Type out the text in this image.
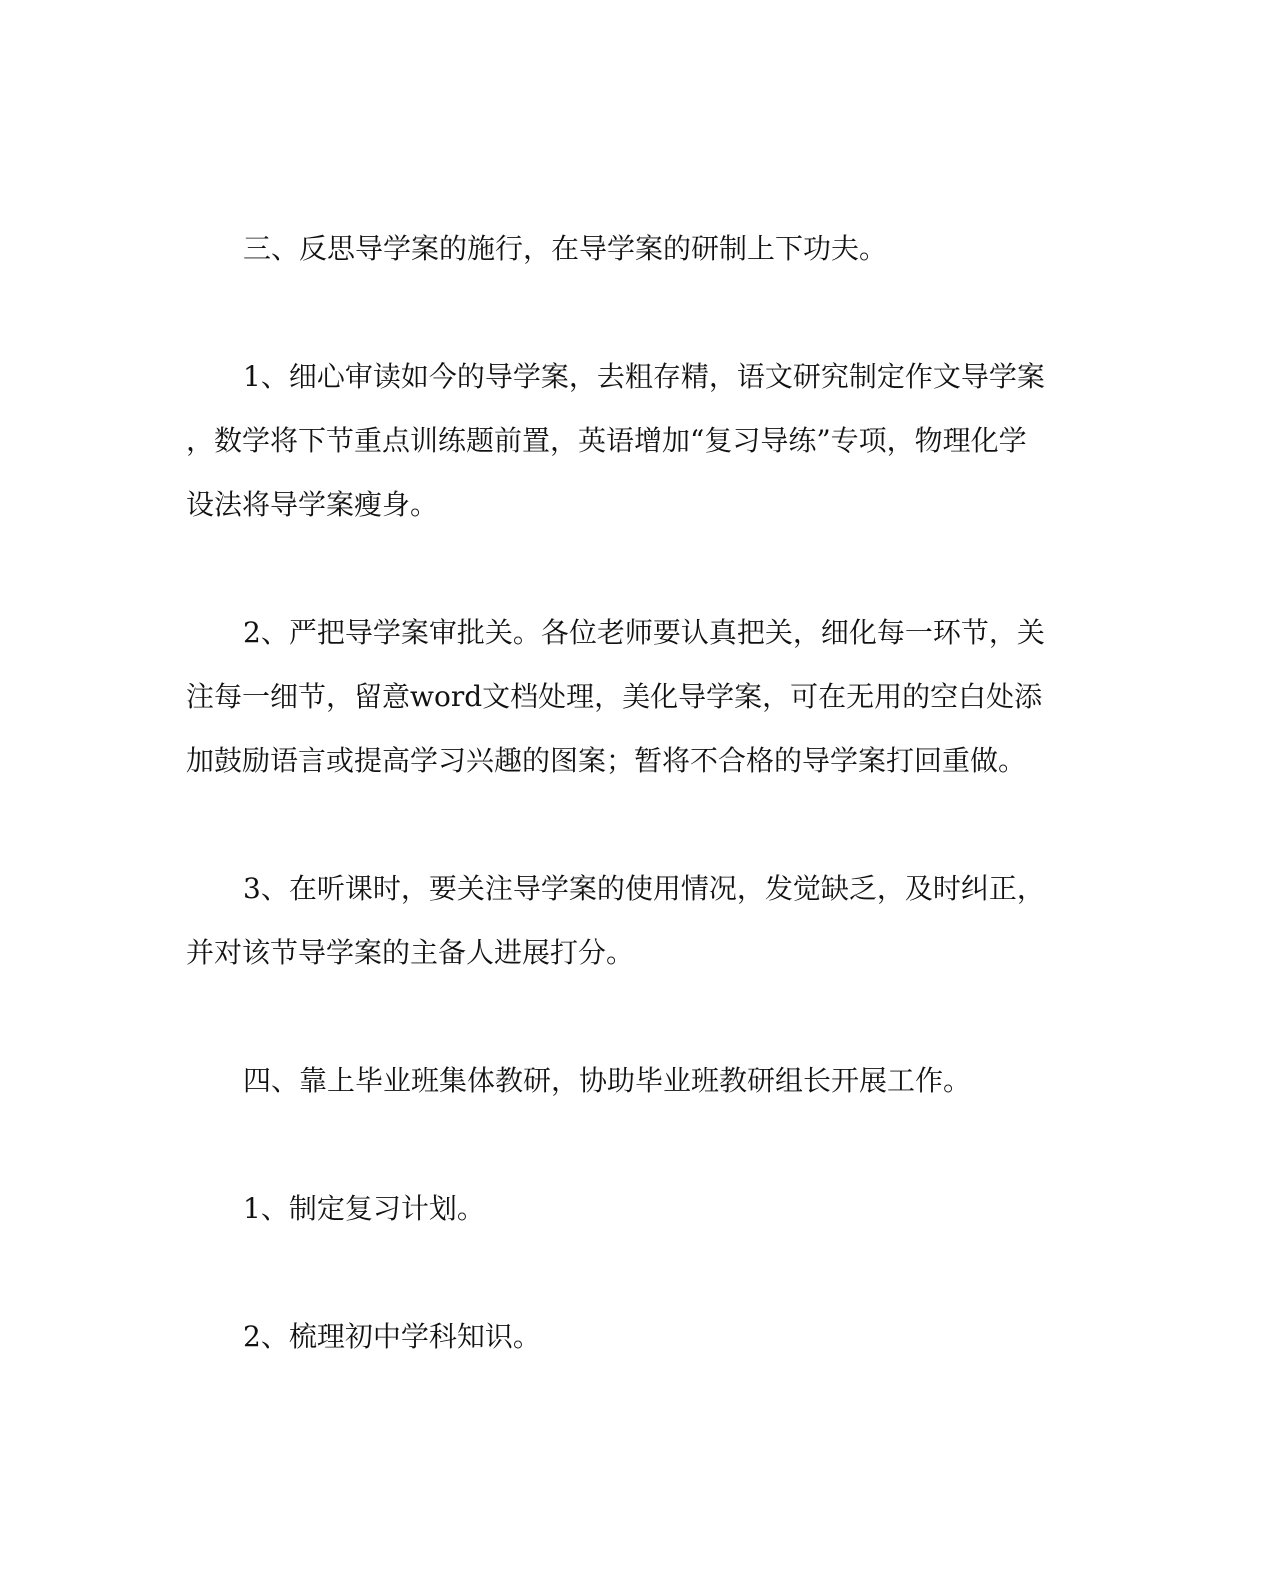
三、反思导学案的施行，在导学案的研制上下功夫。
1、细心审读如今的导学案，去粗存精，语文研究制定作文导学案
，数学将下节重点训练题前置，英语增加“复习导练”专项，物理化学
设法将导学案瘦身。
2、严把导学案审批关。各位老师要认真把关，细化每一环节，关
注每一细节，留意word文档处理，美化导学案，可在无用的空白处添
加鼓励语言或提高学习兴趣的图案；暂将不合格的导学案打回重做。
3、在听课时，要关注导学案的使用情况，发觉缺乏，及时纠正，
并对该节导学案的主备人进展打分。
四、靠上毕业班集体教研，协助毕业班教研组长开展工作。
1、制定复习计划。
2、梳理初中学科知识。
